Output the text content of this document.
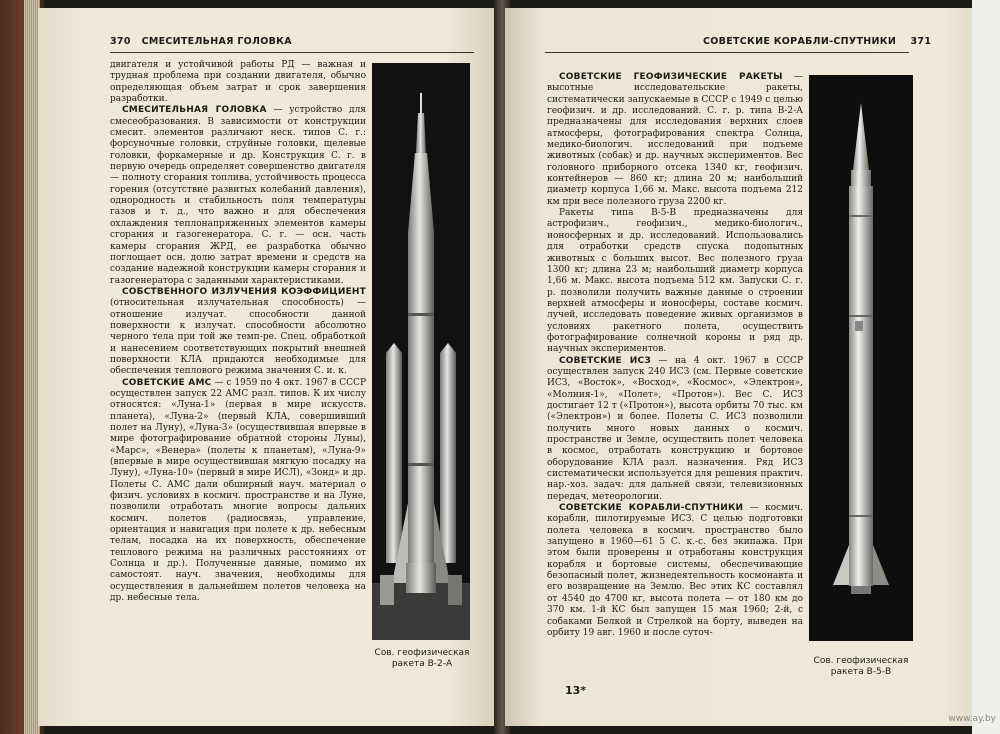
370 СМЕСИТЕЛЬНАЯ ГОЛОВКА

двигателя и устойчивой работы РД — важная и трудная проблема при создании двигателя, обычно определяющая объем затрат и срок завершения разработки.

СМЕСИТЕЛЬНАЯ ГОЛОВКА — устройство для смесеобразования. В зависимости от конструкции смесит. элементов различают неск. типов С. г.: форсуночные головки, струйные головки, щелевые головки, форкамерные и др. Конструкция С. г. в первую очередь определяет совершенство двигателя — полноту сгорания топлива, устойчивость процесса горения (отсутствие развитых колебаний давления), однородность и стабильность поля температуры газов и т. д., что важно и для обеспечения охлаждения теплонапряженных элементов камеры сгорания и газогенератора. С. г. — осн. часть камеры сгорания ЖРД, ее разработка обычно поглощает осн. долю затрат времени и средств на создание надежной конструкции камеры сгорания и газогенератора с заданными характеристиками.

СОБСТВЕННОГО ИЗЛУЧЕНИЯ КОЭФФИЦИЕНТ (относительная излучательная способность) — отношение излучат. способности данной поверхности к излучат. способности абсолютно черного тела при той же темп-ре. Спец. обработкой и нанесением соответствующих покрытий внешней поверхности КЛА придаются необходимые для обеспечения теплового режима значения С. и. к.

СОВЕТСКИЕ АМС — с 1959 по 4 окт. 1967 в СССР осуществлен запуск 22 АМС разл. типов. К их числу относятся: «Луна-1» (первая в мире искусств. планета), «Луна-2» (первый КЛА, совершивший полет на Луну), «Луна-3» (осуществившая впервые в мире фотографирование обратной стороны Луны), «Марс», «Венера» (полеты к планетам), «Луна-9» (впервые в мире осуществившая мягкую посадку на Луну), «Луна-10» (первый в мире ИСЛ), «Зонд» и др. Полеты С. АМС дали обширный науч. материал о физич. условиях в космич. пространстве и на Луне, позволили отработать многие вопросы дальних космич. полетов (радиосвязь, управление, ориентация и навигация при полете к др. небесным телам, посадка на их поверхность, обеспечение теплового режима на различных расстояниях от Солнца и др.). Полученные данные, помимо их самостоят. науч. значения, необходимы для осуществления в дальнейшем полетов человека на др. небесные тела.

Сов. геофизическая ракета В-2-А
СОВЕТСКИЕ КОРАБЛИ-СПУТНИКИ 371

СОВЕТСКИЕ ГЕОФИЗИЧЕСКИЕ РАКЕТЫ — высотные исследовательские ракеты, систематически запускаемые в СССР с 1949 с целью геофизич. и др. исследований. С. г. р. типа В-2-А предназначены для исследования верхних слоев атмосферы, фотографирования спектра Солнца, медико-биологич. исследований при подъеме животных (собак) и др. научных экспериментов. Вес головного приборного отсека 1340 кг, геофизич. контейнеров — 860 кг; длина 20 м; наибольший диаметр корпуса 1,66 м. Макс. высота подъема 212 км при весе полезного груза 2200 кг.

Ракеты типа В-5-В предназначены для астрофизич., геофизич., медико-биологич., ионосферных и др. исследований. Использовались для отработки средств спуска подопытных животных с больших высот. Вес полезного груза 1300 кг; длина 23 м; наибольший диаметр корпуса 1,66 м. Макс. высота подъема 512 км. Запуски С. г. р. позволили получить важные данные о строении верхней атмосферы и ионосферы, составе космич. лучей, исследовать поведение живых организмов в условиях ракетного полета, осуществить фотографирование солнечной короны и ряд др. научных экспериментов.

СОВЕТСКИЕ ИСЗ — на 4 окт. 1967 в СССР осуществлен запуск 240 ИСЗ (см. Первые советские ИСЗ, «Восток», «Восход», «Космос», «Электрон», «Молния-1», «Полет», «Протон»). Вес С. ИСЗ достигает 12 т («Протон»), высота орбиты 70 тыс. км («Электрон») и более. Полеты С. ИСЗ позволили получить много новых данных о космич. пространстве и Земле, осуществить полет человека в космос, отработать конструкцию и бортовое оборудование КЛА разл. назначения. Ряд ИСЗ систематически используется для решения практич. нар.-хоз. задач: для дальней связи, телевизионных передач, метеорологии.

СОВЕТСКИЕ КОРАБЛИ-СПУТНИКИ — космич. корабли, пилотируемые ИСЗ. С целью подготовки полета человека в космич. пространство было запущено в 1960—61 5 С. к.-с. без экипажа. При этом были проверены и отработаны конструкция корабля и бортовые системы, обеспечивающие безопасный полет, жизнедеятельность космонавта и его возвращение на Землю. Вес этих КС составлял от 4540 до 4700 кг, высота полета — от 180 км до 370 км. 1-й КС был запущен 15 мая 1960; 2-й, с собаками Белкой и Стрелкой на борту, выведен на орбиту 19 авг. 1960 и после суточ-

13*
Сов. геофизическая ракета В-5-В
www.ay.by
